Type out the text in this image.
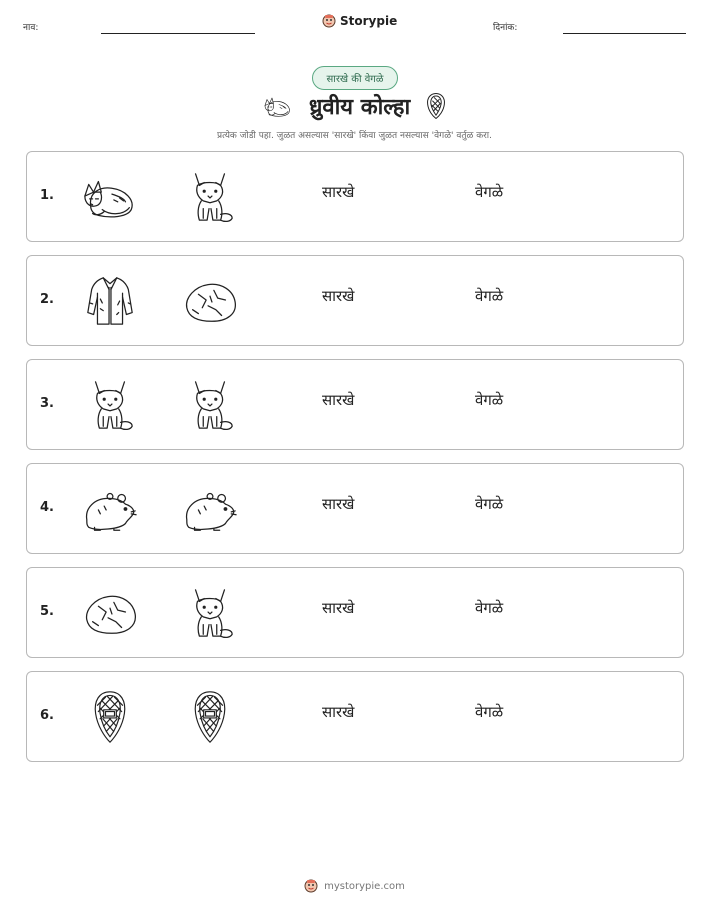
नाव:	Storypie	दिनांक:
सारखे की वेगळे
ध्रुवीय कोल्हा
प्रत्येक जोडी पहा. जुळत असल्यास 'सारखे' किंवा जुळत नसल्यास 'वेगळे' वर्तुळ करा.
1.	सारखे	वेगळे
2.	सारखे	वेगळे
3.	सारखे	वेगळे
4.	सारखे	वेगळे
5.	सारखे	वेगळे
6.	सारखे	वेगळे
mystorypie.com
